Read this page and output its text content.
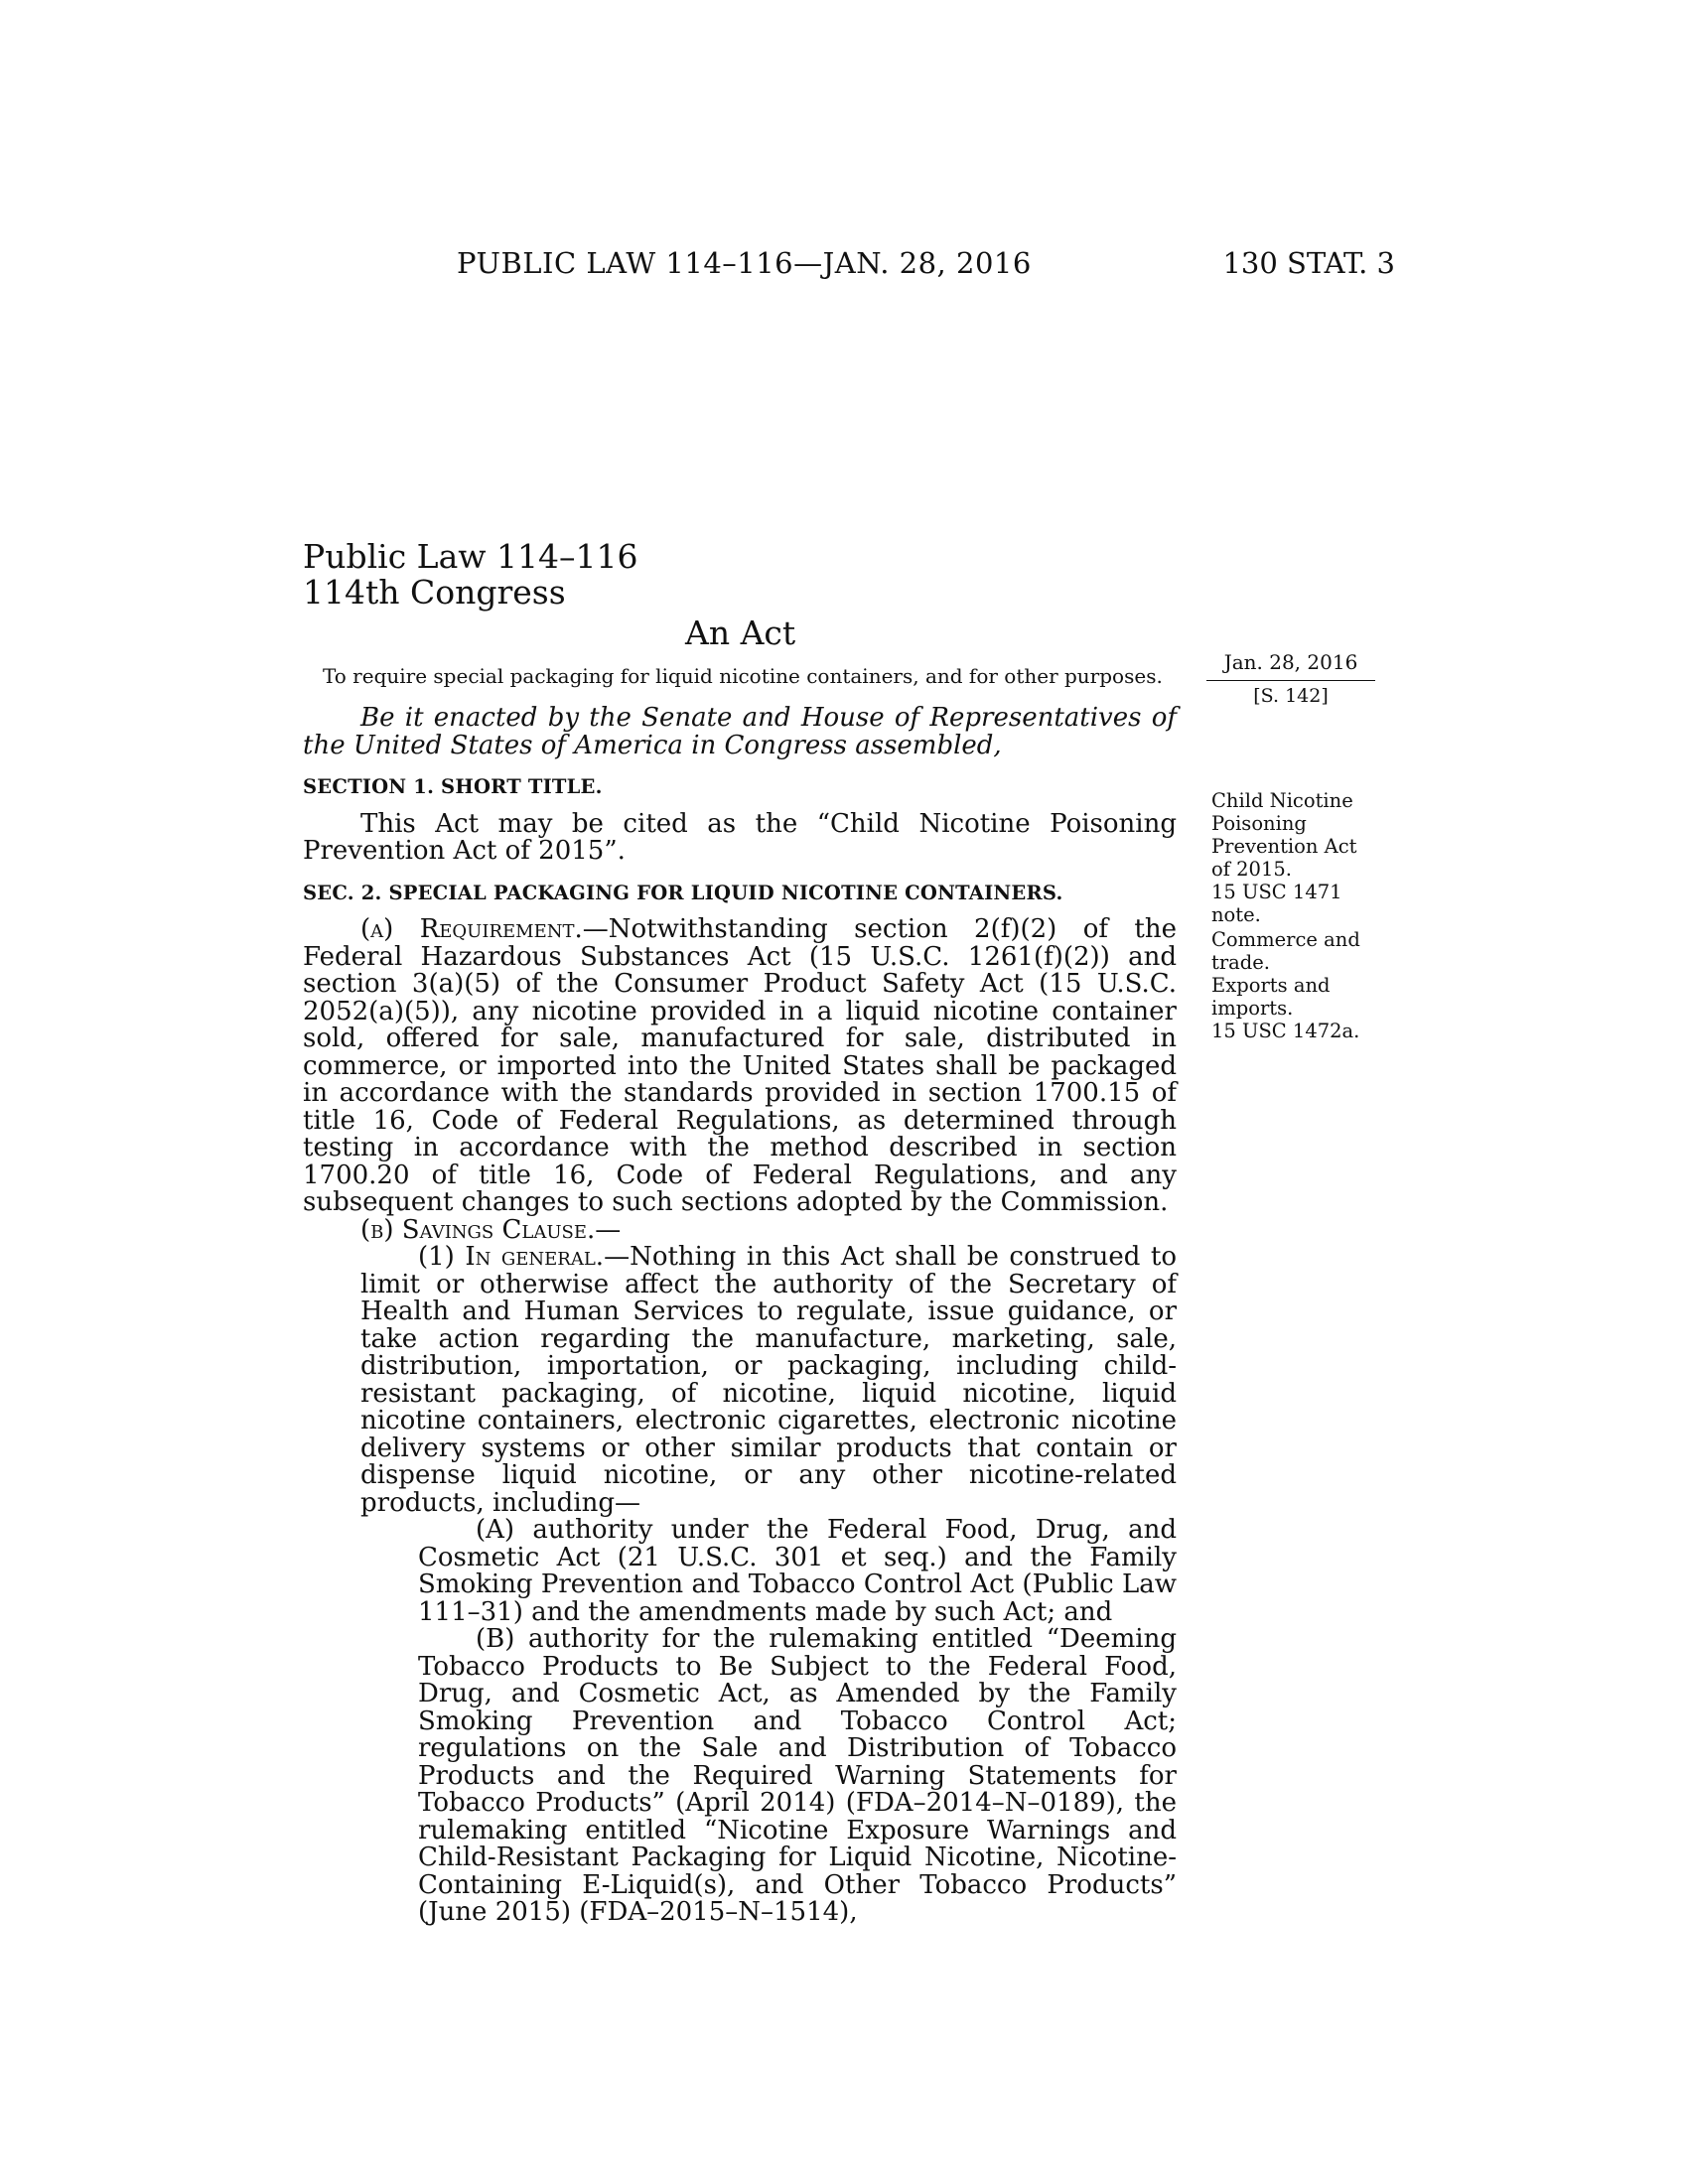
PUBLIC LAW 114–116—JAN. 28, 2016	130 STAT. 3
Public Law 114–116
114th Congress
An Act
To require special packaging for liquid nicotine containers, and for other purposes.
Jan. 28, 2016
[S. 142]
Child Nicotine
Poisoning
Prevention Act
of 2015.
15 USC 1471
note.
Commerce and
trade.
Exports and
imports.
15 USC 1472a.

Be it enacted by the Senate and House of Representatives of the United States of America in Congress assembled,

SECTION 1. SHORT TITLE.

This Act may be cited as the “Child Nicotine Poisoning Prevention Act of 2015”.

SEC. 2. SPECIAL PACKAGING FOR LIQUID NICOTINE CONTAINERS.

(a) Requirement.—Notwithstanding section 2(f)(2) of the Federal Hazardous Substances Act (15 U.S.C. 1261(f)(2)) and section 3(a)(5) of the Consumer Product Safety Act (15 U.S.C. 2052(a)(5)), any nicotine provided in a liquid nicotine container sold, offered for sale, manufactured for sale, distributed in commerce, or imported into the United States shall be packaged in accordance with the standards provided in section 1700.15 of title 16, Code of Federal Regulations, as determined through testing in accordance with the method described in section 1700.20 of title 16, Code of Federal Regulations, and any subsequent changes to such sections adopted by the Commission.

(b) Savings Clause.—

(1) In general.—Nothing in this Act shall be construed to limit or otherwise affect the authority of the Secretary of Health and Human Services to regulate, issue guidance, or take action regarding the manufacture, marketing, sale, distribution, importation, or packaging, including child-resistant packaging, of nicotine, liquid nicotine, liquid nicotine containers, electronic cigarettes, electronic nicotine delivery systems or other similar products that contain or dispense liquid nicotine, or any other nicotine-related products, including—

(A) authority under the Federal Food, Drug, and Cosmetic Act (21 U.S.C. 301 et seq.) and the Family Smoking Prevention and Tobacco Control Act (Public Law 111–31) and the amendments made by such Act; and

(B) authority for the rulemaking entitled “Deeming Tobacco Products to Be Subject to the Federal Food, Drug, and Cosmetic Act, as Amended by the Family Smoking Prevention and Tobacco Control Act; regulations on the Sale and Distribution of Tobacco Products and the Required Warning Statements for Tobacco Products” (April 2014) (FDA–2014–N–0189), the rulemaking entitled “Nicotine Exposure Warnings and Child-Resistant Packaging for Liquid Nicotine, Nicotine-Containing E-Liquid(s), and Other Tobacco Products” (June 2015) (FDA–2015–N–1514),
